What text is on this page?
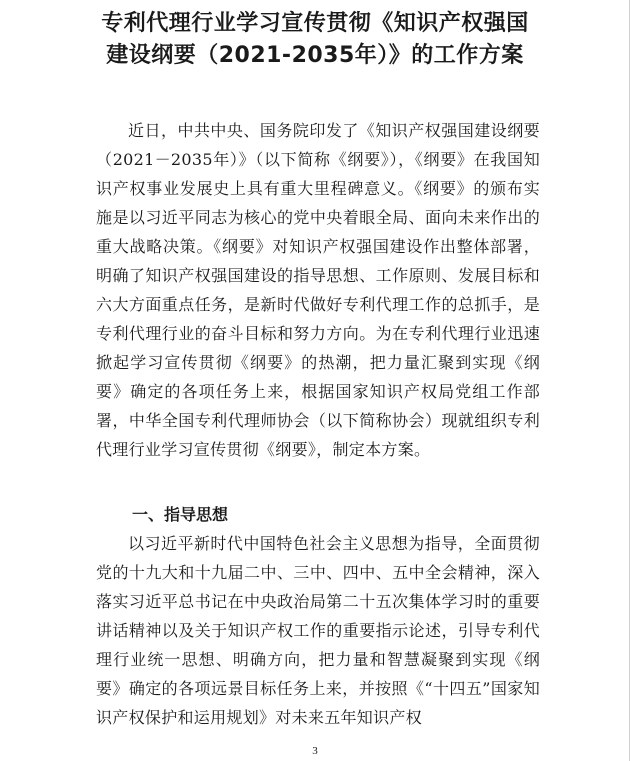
专利代理行业学习宣传贯彻《知识产权强国
建设纲要（2021-2035年）》的工作方案

近日，中共中央、国务院印发了《知识产权强国建设纲要（2021－2035年）》（以下简称《纲要》），《纲要》在我国知识产权事业发展史上具有重大里程碑意义。《纲要》的颁布实施是以习近平同志为核心的党中央着眼全局、面向未来作出的重大战略决策。《纲要》对知识产权强国建设作出整体部署，明确了知识产权强国建设的指导思想、工作原则、发展目标和六大方面重点任务，是新时代做好专利代理工作的总抓手，是专利代理行业的奋斗目标和努力方向。为在专利代理行业迅速掀起学习宣传贯彻《纲要》的热潮，把力量汇聚到实现《纲要》确定的各项任务上来，根据国家知识产权局党组工作部署，中华全国专利代理师协会（以下简称协会）现就组织专利代理行业学习宣传贯彻《纲要》，制定本方案。

一、指导思想

以习近平新时代中国特色社会主义思想为指导，全面贯彻党的十九大和十九届二中、三中、四中、五中全会精神，深入落实习近平总书记在中央政治局第二十五次集体学习时的重要讲话精神以及关于知识产权工作的重要指示论述，引导专利代理行业统一思想、明确方向，把力量和智慧凝聚到实现《纲要》确定的各项远景目标任务上来，并按照《“十四五”国家知识产权保护和运用规划》对未来五年知识产权

3
